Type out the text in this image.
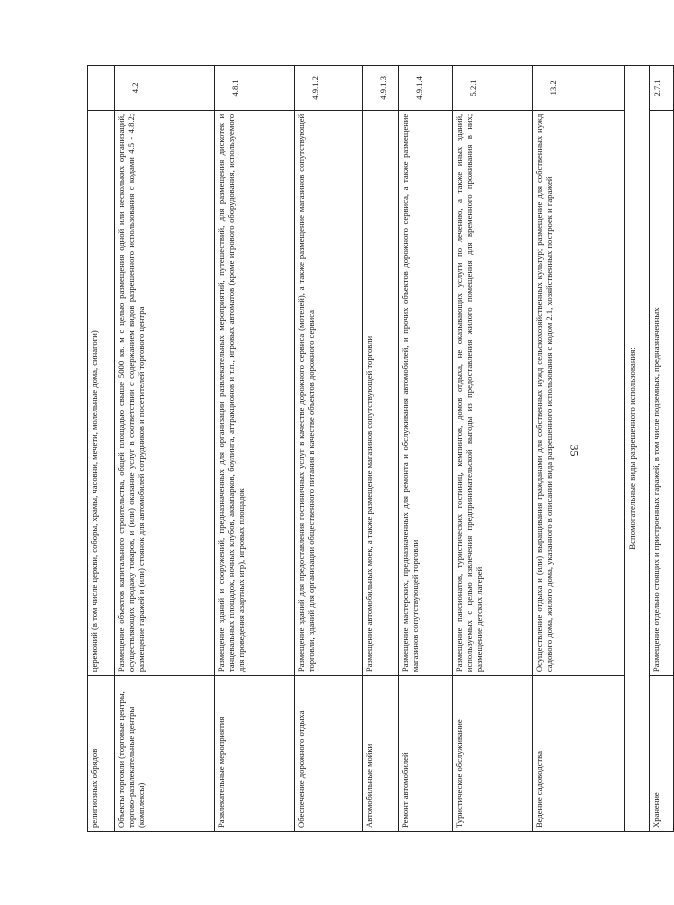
35
религиозных обрядов	церемоний (в том числе церкви, соборы, храмы, часовни, мечети, молельные дома, синагоги)	
Объекты торговли (торговые центры, торгово-развлекательные центры (комплексы)	Размещение объектов капитального строительства, общей площадью свыше 5000 кв. м с целью размещения одной или нескольких организаций, осуществляющих продажу товаров, и (или) оказание услуг в соответствии с содержанием видов разрешенного использования с кодами 4.5 - 4.8.2; размещение гаражей и (или) стоянок для автомобилей сотрудников и посетителей торгового центра	4.2
Развлекательные мероприятия	Размещение зданий и сооружений, предназначенных для организации развлекательных мероприятий, путешествий, для размещения дискотек и танцевальных площадок, ночных клубов, аквапарков, боулинга, аттракционов и т.п., игровых автоматов (кроме игрового оборудования, используемого для проведения азартных игр), игровых площадок	4.8.1
Обеспечение дорожного отдыха	Размещение зданий для предоставления гостиничных услуг в качестве дорожного сервиса (мотелей), а также размещение магазинов сопутствующей торговли, зданий для организации общественного питания в качестве объектов дорожного сервиса	4.9.1.2
Автомобильные мойки	Размещение автомобильных моек, а также размещение магазинов сопутствующей торговли	4.9.1.3
Ремонт автомобилей	Размещение мастерских, предназначенных для ремонта и обслуживания автомобилей, и прочих объектов дорожного сервиса, а также размещение магазинов сопутствующей торговли	4.9.1.4
Туристическое обслуживание	Размещение пансионатов, туристических гостиниц, кемпингов, домов отдыха, не оказывающих услуги по лечению, а также иных зданий, используемых с целью извлечения предпринимательской выгоды из предоставления жилого помещения для временного проживания в них; размещение детских лагерей	5.2.1
Ведение садоводства	Осуществление отдыха и (или) выращивания гражданами для собственных нужд сельскохозяйственных культур; размещение для собственных нужд садового дома, жилого дома, указанного в описании вида разрешенного использования с кодом 2.1, хозяйственных построек и гаражей	13.2
Вспомогательные виды разрешенного использования:		
Хранение	Размещение отдельно стоящих и пристроенных гаражей, в том числе подземных, предназначенных	2.7.1
